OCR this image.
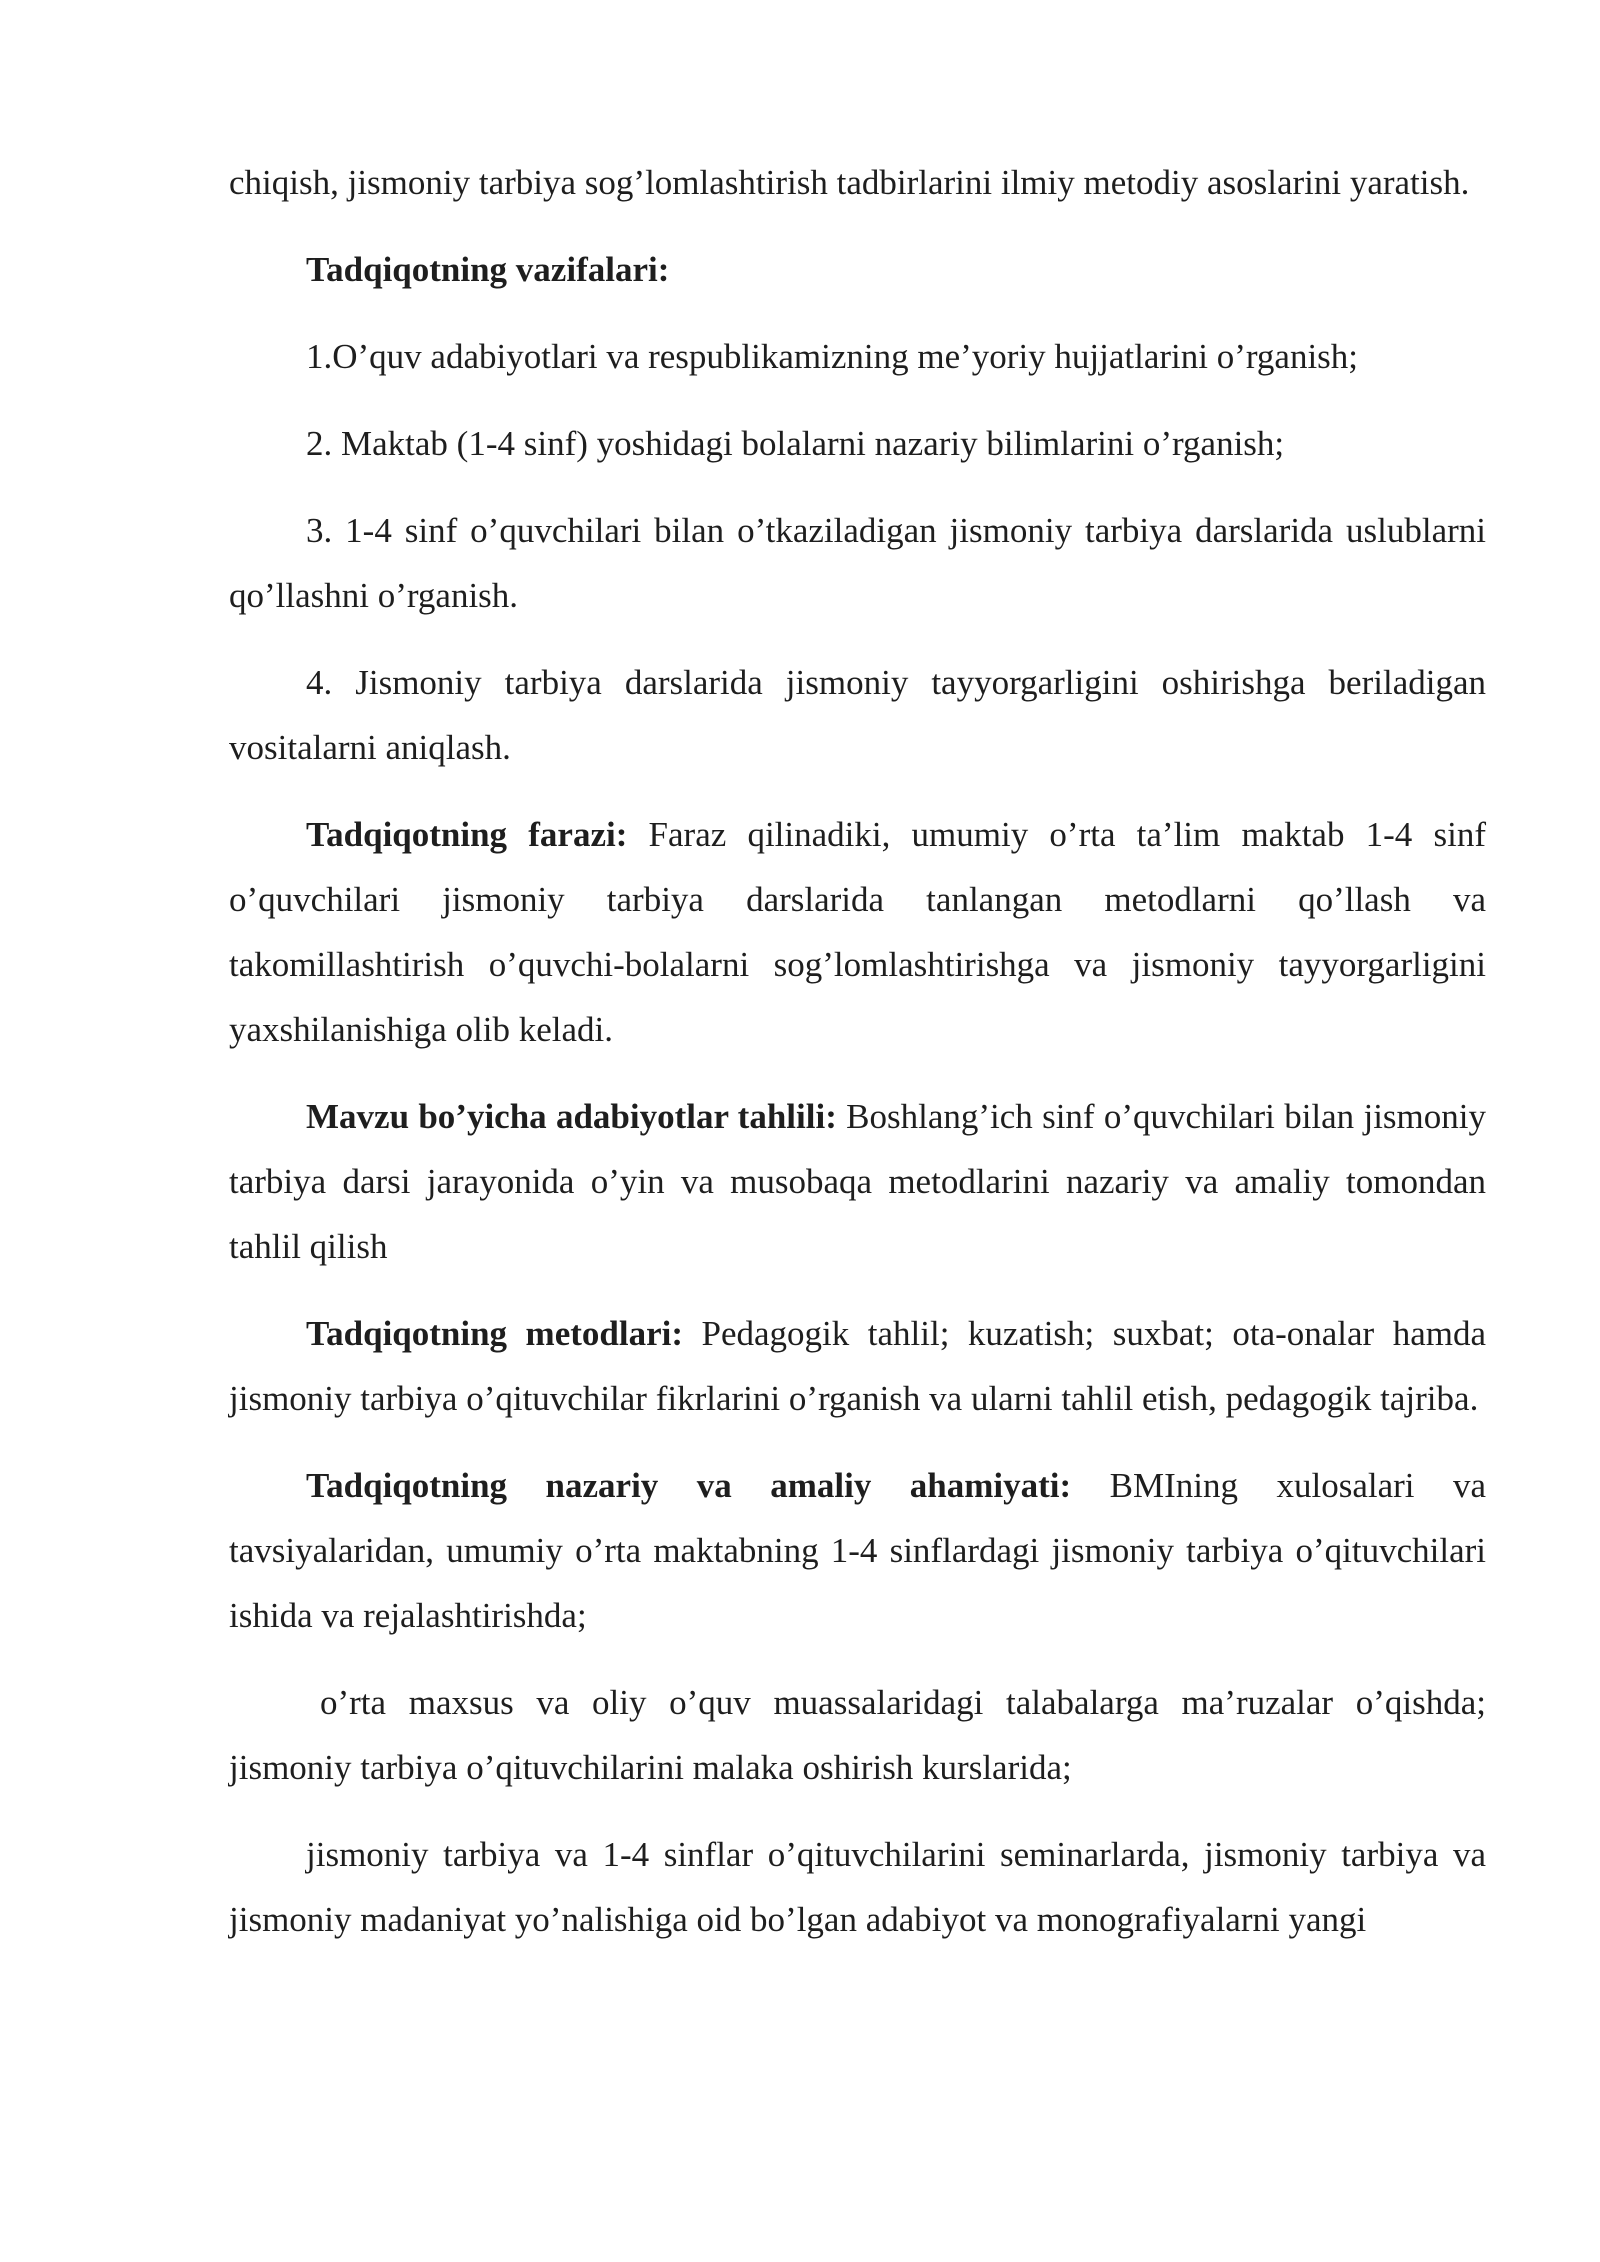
chiqish, jismoniy tarbiya sog’lomlashtirish tadbirlarini ilmiy metodiy asoslarini yaratish.

Tadqiqotning vazifalari:

1.O’quv adabiyotlari va respublikamizning me’yoriy hujjatlarini o’rganish;

2. Maktab (1-4 sinf) yoshidagi bolalarni nazariy bilimlarini o’rganish;

3. 1-4 sinf o’quvchilari bilan o’tkaziladigan jismoniy tarbiya darslarida uslublarni qo’llashni o’rganish.

4. Jismoniy tarbiya darslarida jismoniy tayyorgarligini oshirishga beriladigan vositalarni aniqlash.

Tadqiqotning farazi: Faraz qilinadiki, umumiy o’rta ta’lim maktab 1-4 sinf o’quvchilari jismoniy tarbiya darslarida tanlangan metodlarni qo’llash va takomillashtirish o’quvchi-bolalarni sog’lomlashtirishga va jismoniy tayyorgarligini yaxshilanishiga olib keladi.

Mavzu bo’yicha adabiyotlar tahlili: Boshlang’ich sinf o’quvchilari bilan jismoniy tarbiya darsi jarayonida o’yin va musobaqa metodlarini nazariy va amaliy tomondan tahlil qilish

Tadqiqotning metodlari: Pedagogik tahlil; kuzatish; suxbat; ota-onalar hamda jismoniy tarbiya o’qituvchilar fikrlarini o’rganish va ularni tahlil etish, pedagogik tajriba.

Tadqiqotning nazariy va amaliy ahamiyati: BMIning xulosalari va tavsiyalaridan, umumiy o’rta maktabning 1-4 sinflardagi jismoniy tarbiya o’qituvchilari ishida va rejalashtirishda;

o’rta maxsus va oliy o’quv muassalaridagi talabalarga ma’ruzalar o’qishda; jismoniy tarbiya o’qituvchilarini malaka oshirish kurslarida;

jismoniy tarbiya va 1-4 sinflar o’qituvchilarini seminarlarda, jismoniy tarbiya va jismoniy madaniyat yo’nalishiga oid bo’lgan adabiyot va monografiyalarni yangi
